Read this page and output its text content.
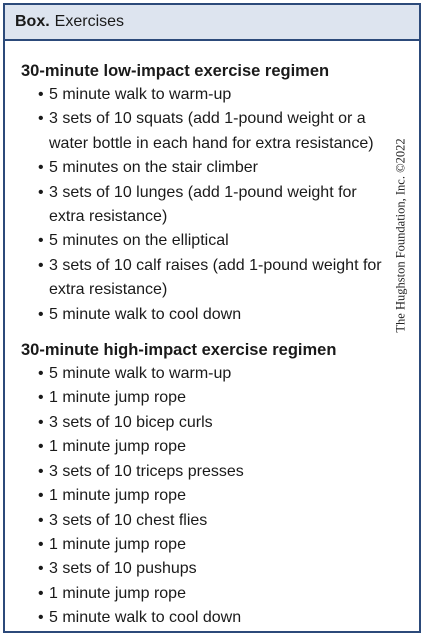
Box. Exercises
30-minute low-impact exercise regimen
• 5 minute walk to warm-up
• 3 sets of 10 squats (add 1-pound weight or a water bottle in each hand for extra resistance)
• 5 minutes on the stair climber
• 3 sets of 10 lunges (add 1-pound weight for extra resistance)
• 5 minutes on the elliptical
• 3 sets of 10 calf raises (add 1-pound weight for extra resistance)
• 5 minute walk to cool down
30-minute high-impact exercise regimen
• 5 minute walk to warm-up
• 1 minute jump rope
• 3 sets of 10 bicep curls
• 1 minute jump rope
• 3 sets of 10 triceps presses
• 1 minute jump rope
• 3 sets of 10 chest flies
• 1 minute jump rope
• 3 sets of 10 pushups
• 1 minute jump rope
• 5 minute walk to cool down
The Hughston Foundation, Inc. ©2022
